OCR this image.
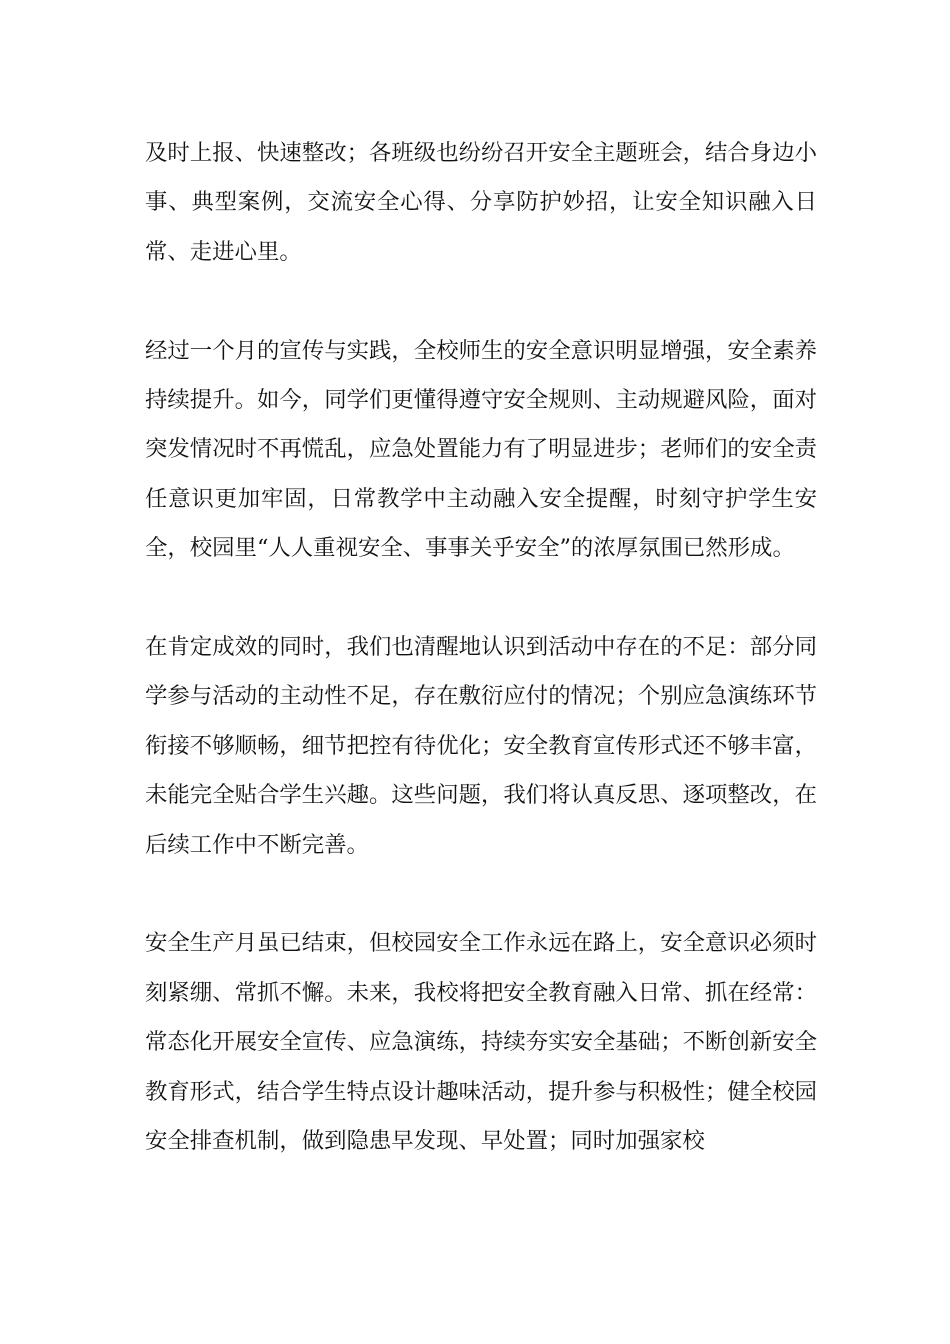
及时上报、快速整改；各班级也纷纷召开安全主题班会，结合身边小事、典型案例，交流安全心得、分享防护妙招，让安全知识融入日常、走进心里。

经过一个月的宣传与实践，全校师生的安全意识明显增强，安全素养持续提升。如今，同学们更懂得遵守安全规则、主动规避风险，面对突发情况时不再慌乱，应急处置能力有了明显进步；老师们的安全责任意识更加牢固，日常教学中主动融入安全提醒，时刻守护学生安全，校园里“人人重视安全、事事关乎安全”的浓厚氛围已然形成。

在肯定成效的同时，我们也清醒地认识到活动中存在的不足：部分同学参与活动的主动性不足，存在敷衍应付的情况；个别应急演练环节衔接不够顺畅，细节把控有待优化；安全教育宣传形式还不够丰富，未能完全贴合学生兴趣。这些问题，我们将认真反思、逐项整改，在后续工作中不断完善。

安全生产月虽已结束，但校园安全工作永远在路上，安全意识必须时刻紧绷、常抓不懈。未来，我校将把安全教育融入日常、抓在经常：常态化开展安全宣传、应急演练，持续夯实安全基础；不断创新安全教育形式，结合学生特点设计趣味活动，提升参与积极性；健全校园安全排查机制，做到隐患早发现、早处置；同时加强家校
